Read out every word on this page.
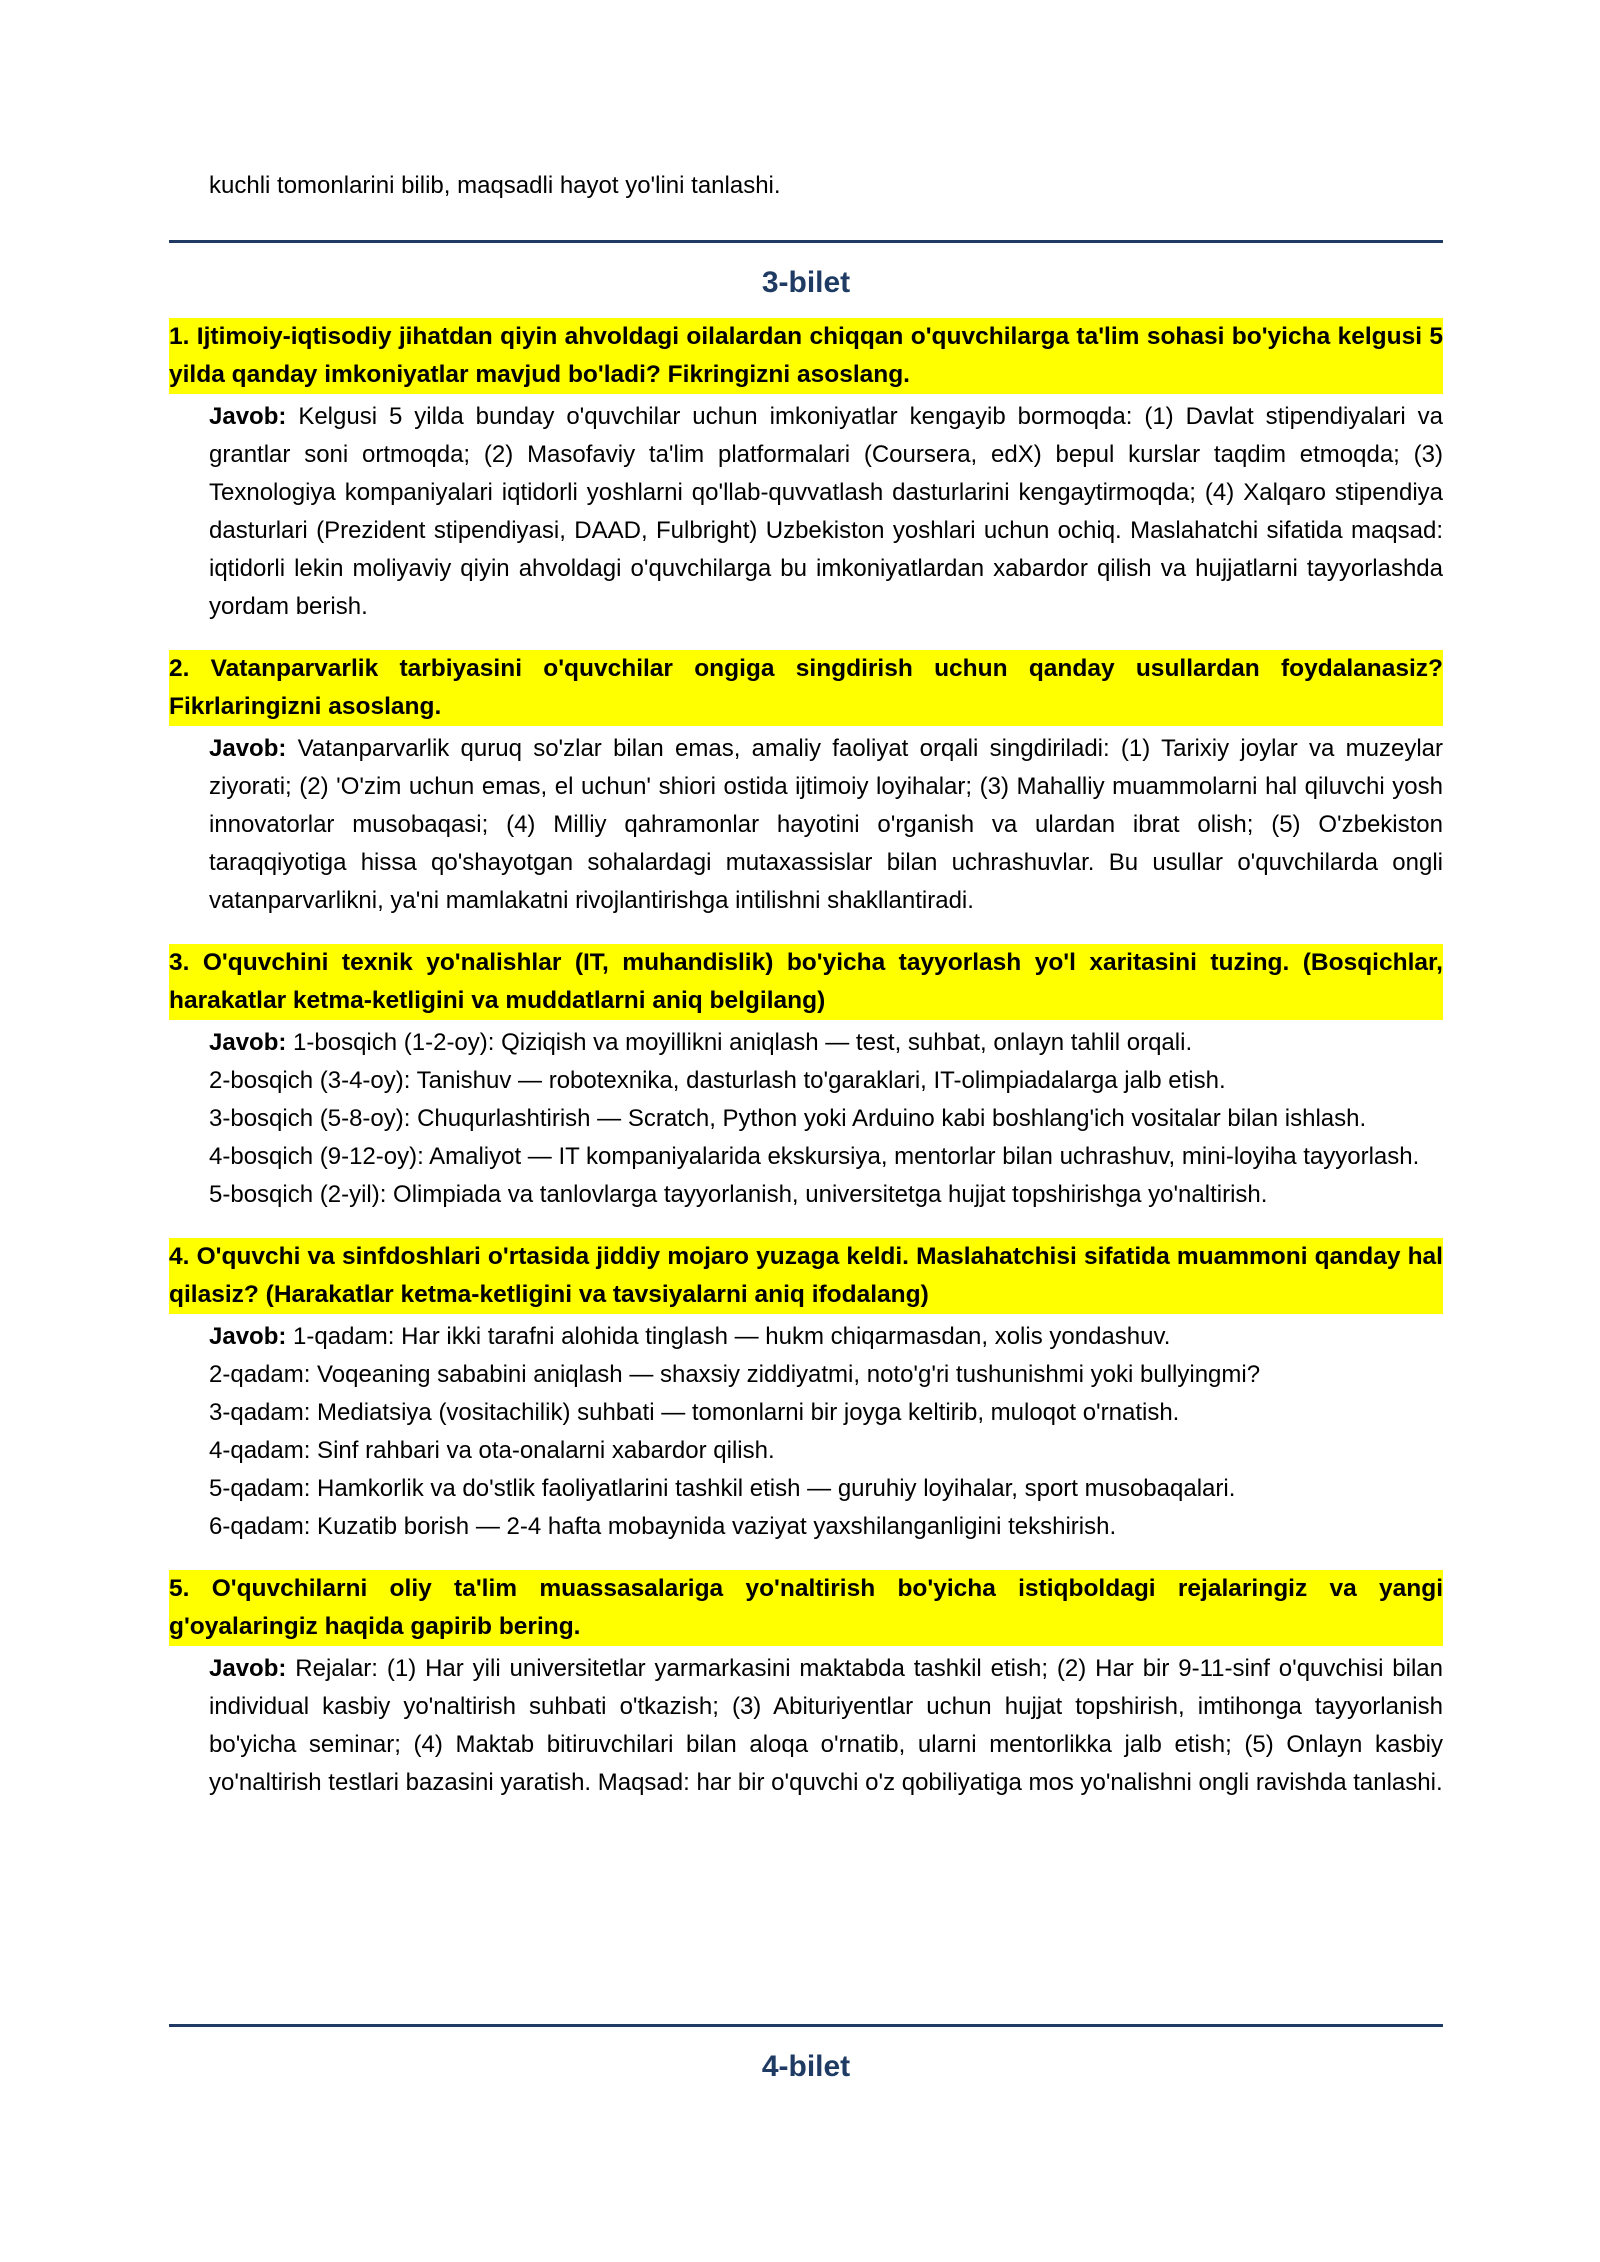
kuchli tomonlarini bilib, maqsadli hayot yo'lini tanlashi.
3-bilet

1. Ijtimoiy-iqtisodiy jihatdan qiyin ahvoldagi oilalardan chiqqan o'quvchilarga ta'lim sohasi bo'yicha kelgusi 5 yilda qanday imkoniyatlar mavjud bo'ladi? Fikringizni asoslang.

Javob: Kelgusi 5 yilda bunday o'quvchilar uchun imkoniyatlar kengayib bormoqda: (1) Davlat stipendiyalari va grantlar soni ortmoqda; (2) Masofaviy ta'lim platformalari (Coursera, edX) bepul kurslar taqdim etmoqda; (3) Texnologiya kompaniyalari iqtidorli yoshlarni qo'llab-quvvatlash dasturlarini kengaytirmoqda; (4) Xalqaro stipendiya dasturlari (Prezident stipendiyasi, DAAD, Fulbright) Uzbekiston yoshlari uchun ochiq. Maslahatchi sifatida maqsad: iqtidorli lekin moliyaviy qiyin ahvoldagi o'quvchilarga bu imkoniyatlardan xabardor qilish va hujjatlarni tayyorlashda yordam berish.

2. Vatanparvarlik tarbiyasini o'quvchilar ongiga singdirish uchun qanday usullardan foydalanasiz? Fikrlaringizni asoslang.

Javob: Vatanparvarlik quruq so'zlar bilan emas, amaliy faoliyat orqali singdiriladi: (1) Tarixiy joylar va muzeylar ziyorati; (2) 'O'zim uchun emas, el uchun' shiori ostida ijtimoiy loyihalar; (3) Mahalliy muammolarni hal qiluvchi yosh innovatorlar musobaqasi; (4) Milliy qahramonlar hayotini o'rganish va ulardan ibrat olish; (5) O'zbekiston taraqqiyotiga hissa qo'shayotgan sohalardagi mutaxassislar bilan uchrashuvlar. Bu usullar o'quvchilarda ongli vatanparvarlikni, ya'ni mamlakatni rivojlantirishga intilishni shakllantiradi.

3. O'quvchini texnik yo'nalishlar (IT, muhandislik) bo'yicha tayyorlash yo'l xaritasini tuzing. (Bosqichlar, harakatlar ketma-ketligini va muddatlarni aniq belgilang)

Javob: 1-bosqich (1-2-oy): Qiziqish va moyillikni aniqlash — test, suhbat, onlayn tahlil orqali.
2-bosqich (3-4-oy): Tanishuv — robotexnika, dasturlash to'garaklari, IT-olimpiadalarga jalb etish.
3-bosqich (5-8-oy): Chuqurlashtirish — Scratch, Python yoki Arduino kabi boshlang'ich vositalar bilan ishlash.
4-bosqich (9-12-oy): Amaliyot — IT kompaniyalarida ekskursiya, mentorlar bilan uchrashuv, mini-loyiha tayyorlash.
5-bosqich (2-yil): Olimpiada va tanlovlarga tayyorlanish, universitetga hujjat topshirishga yo'naltirish.

4. O'quvchi va sinfdoshlari o'rtasida jiddiy mojaro yuzaga keldi. Maslahatchisi sifatida muammoni qanday hal qilasiz? (Harakatlar ketma-ketligini va tavsiyalarni aniq ifodalang)

Javob: 1-qadam: Har ikki tarafni alohida tinglash — hukm chiqarmasdan, xolis yondashuv.
2-qadam: Voqeaning sababini aniqlash — shaxsiy ziddiyatmi, noto'g'ri tushunishmi yoki bullyingmi?
3-qadam: Mediatsiya (vositachilik) suhbati — tomonlarni bir joyga keltirib, muloqot o'rnatish.
4-qadam: Sinf rahbari va ota-onalarni xabardor qilish.
5-qadam: Hamkorlik va do'stlik faoliyatlarini tashkil etish — guruhiy loyihalar, sport musobaqalari.
6-qadam: Kuzatib borish — 2-4 hafta mobaynida vaziyat yaxshilanganligini tekshirish.

5. O'quvchilarni oliy ta'lim muassasalariga yo'naltirish bo'yicha istiqboldagi rejalaringiz va yangi g'oyalaringiz haqida gapirib bering.

Javob: Rejalar: (1) Har yili universitetlar yarmarkasini maktabda tashkil etish; (2) Har bir 9-11-sinf o'quvchisi bilan individual kasbiy yo'naltirish suhbati o'tkazish; (3) Abituriyentlar uchun hujjat topshirish, imtihonga tayyorlanish bo'yicha seminar; (4) Maktab bitiruvchilari bilan aloqa o'rnatib, ularni mentorlikka jalb etish; (5) Onlayn kasbiy yo'naltirish testlari bazasini yaratish. Maqsad: har bir o'quvchi o'z qobiliyatiga mos yo'nalishni ongli ravishda tanlashi.

4-bilet
